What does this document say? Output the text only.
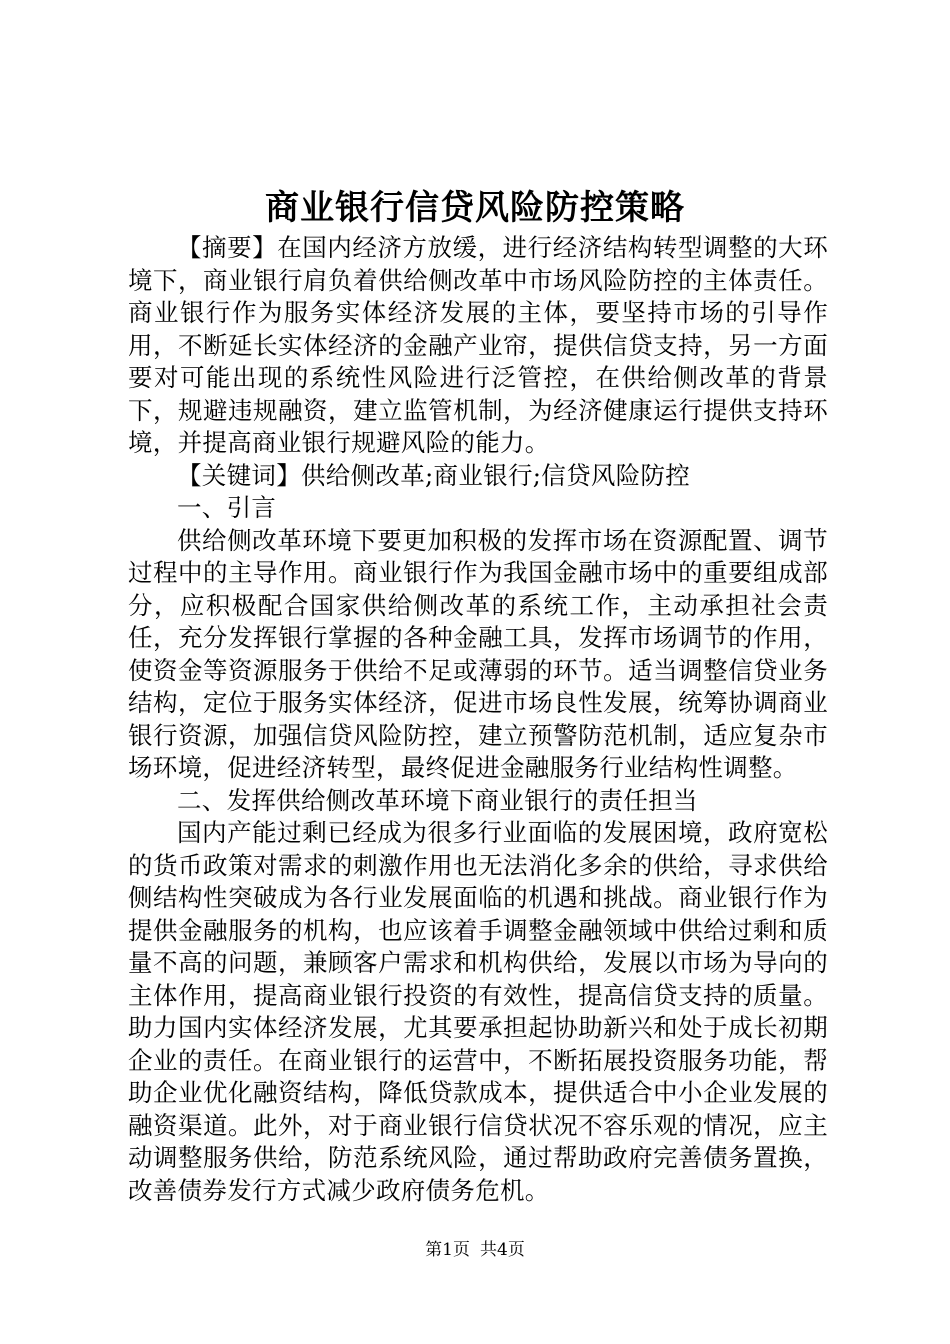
商业银行信贷风险防控策略

【摘要】在国内经济方放缓，进行经济结构转型调整的大环境下，商业银行肩负着供给侧改革中市场风险防控的主体责任。商业银行作为服务实体经济发展的主体，要坚持市场的引导作用，不断延长实体经济的金融产业帘，提供信贷支持，另一方面要对可能出现的系统性风险进行泛管控，在供给侧改革的背景下，规避违规融资，建立监管机制，为经济健康运行提供支持环境，并提高商业银行规避风险的能力。

【关键词】供给侧改革;商业银行;信贷风险防控

一、引言

供给侧改革环境下要更加积极的发挥市场在资源配置、调节过程中的主导作用。商业银行作为我国金融市场中的重要组成部分，应积极配合国家供给侧改革的系统工作，主动承担社会责任，充分发挥银行掌握的各种金融工具，发挥市场调节的作用，使资金等资源服务于供给不足或薄弱的环节。适当调整信贷业务结构，定位于服务实体经济，促进市场良性发展，统筹协调商业银行资源，加强信贷风险防控，建立预警防范机制，适应复杂市场环境，促进经济转型，最终促进金融服务行业结构性调整。

二、发挥供给侧改革环境下商业银行的责任担当

国内产能过剩已经成为很多行业面临的发展困境，政府宽松的货币政策对需求的刺激作用也无法消化多余的供给，寻求供给侧结构性突破成为各行业发展面临的机遇和挑战。商业银行作为提供金融服务的机构，也应该着手调整金融领域中供给过剩和质量不高的问题，兼顾客户需求和机构供给，发展以市场为导向的主体作用，提高商业银行投资的有效性，提高信贷支持的质量。助力国内实体经济发展，尤其要承担起协助新兴和处于成长初期企业的责任。在商业银行的运营中，不断拓展投资服务功能，帮助企业优化融资结构，降低贷款成本，提供适合中小企业发展的融资渠道。此外，对于商业银行信贷状况不容乐观的情况，应主动调整服务供给，防范系统风险，通过帮助政府完善债务置换，改善债券发行方式减少政府债务危机。

第1页 共4页
